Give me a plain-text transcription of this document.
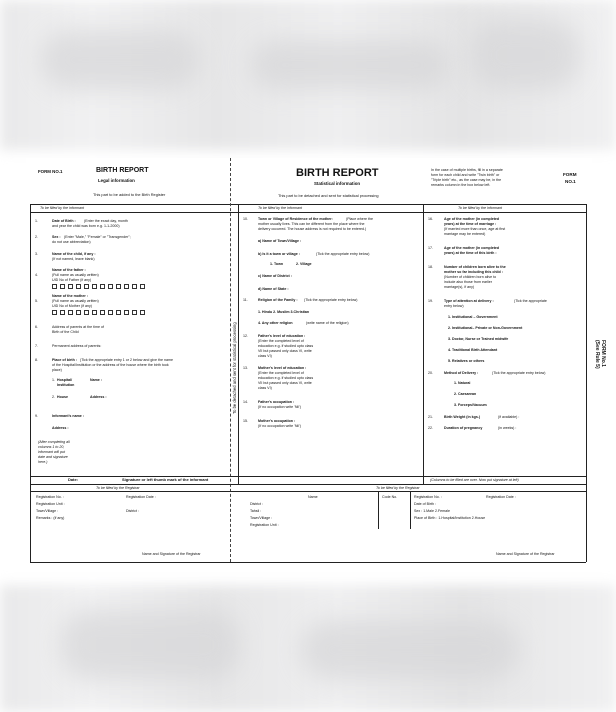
FORM NO.1	BIRTH REPORT
Legal information
This part to be added to the Birth Register
BIRTH REPORT
Statistical information
This part to be detached and sent for statistical processing
In the case of multiple births, fill in a separate
form for each child and write "Twin birth" or
"Triple birth" etc., as the case may be, in the
remarks column in the box below left.
FORM
NO.1
To be filled by the informant	To be filled by the informant	To be filled by the informant
1.	Date of Birth : (Enter the exact day, month
and year the child was born e.g. 1-1-2000)
2.	Sex : (Enter "Male," "Female" or "Transgender";
do not use abbreviation)
3.	Name of the child, if any :
(If not named, leave blank)
4.
Name of the father :
(Full name as usually written)
UID No of Father (if any)
5.
Name of the mother :
(Full name as usually written)
UID No of Mother (if any)
6.	Address of parents at the time of
Birth of the Child
7.	Permanent address of parents:
8.	Place of birth : (Tick the appropriate entry 1 or 2 below and give the name
of the Hospital/Institution or the address of the house where the birth took
place)
1. Hospital/
Institution
Name :
2. House	Address :
9.	Informant's name :
Address :
(After completing all
columns 1 to 20,
informant will put
date and signature
here.)
To be detached and sent for statistical processing
10.	Town or Village of Residence of the mother:	(Place where the
mother usually lives. This can be different from the place where the
delivery occurred. The house address is not required to be entered.)
a) Name of Town/Village :
b) Is it a town or village :	(Tick the appropriate entry below)
1. Town	2. Village
c) Name of District :
d) Name of State :
11.	Religion of the Family : (Tick the appropriate entry below)
1. Hindu 2. Muslim 3.Christian
4. Any other religion	(write name of the religion)
12.	Father's level of education :
(Enter the completed level of
education e.g. if studied upto class
VII but passed only class VI, write
class VI)
13.	Mother's level of education :
(Enter the completed level of
education e.g. if studied upto class
VII but passed only class VI, write
class VI)
14.	Father's occupation :
(If no occupation write 'Nil')
15.	Mother's occupation :
(If no occupation write 'Nil')
16.	Age of the mother (in completed
years) at the time of marriage :
(If married more than once, age at first
marriage may be entered)
17.	Age of the mother (in completed
years) at the time of this birth :
18.	Number of children born alive to the
mother so far including this child :
(Number of children born alive to
include also those from earlier
marriage(s), if any)
19.	Type of attention at delivery :	(Tick the appropriate
entry below)
1. Institutional – Government
2. Institutional– Private or Non-Government
3. Doctor, Nurse or Trained midwife
4. Traditional Birth Attendant
5. Relatives or others
20.	Method of Delivery :	(Tick the appropriate entry below)
1. Natural
2. Caesarean
3. Forceps/Vacuum
21.	Birth Weight (in kgs.)	(if available) :
22.	Duration of pregnancy	(in weeks) :
Date:	Signature or left thumb mark of the informant	(Columns to be filled are over. Now put signature at left)
To be filled by the Registrar	To be filled by the Registrar
Registration No. :	Registration Date :
Registration Unit :
Town/Village :	District :
Remarks : (if any)
Name and Signature of the Registrar
Name	Code No.
District :
Tahsil :
Town/Village :
Registration Unit :
Registration No. :	Registration Date :
Date of Birth :
Sex : 1.Male 2.Female
Place of Birth : 1.Hospital/Institution 2.House
Name and Signature of the Registrar
FORM No.1
(See Rule 5)
